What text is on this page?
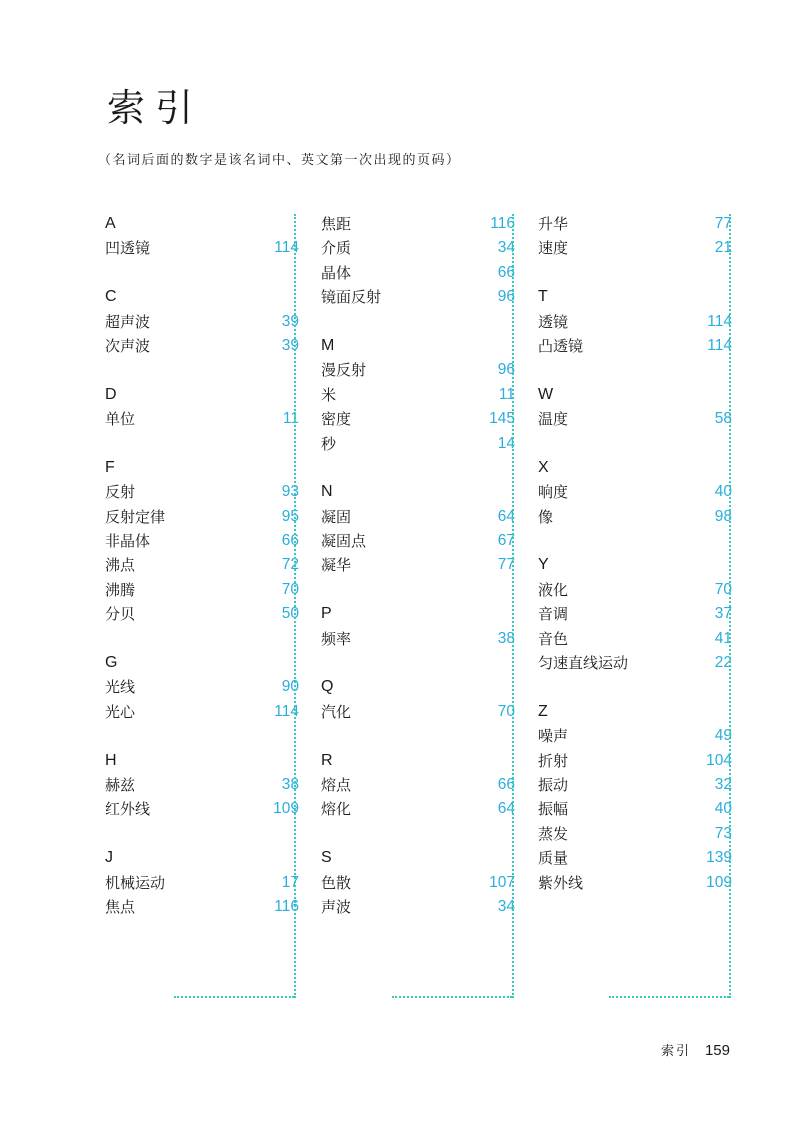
索引
（名词后面的数字是该名词中、英文第一次出现的页码）
A
凹透镜	114
C
超声波	39
次声波	39
D
单位	11
F
反射	93
反射定律	95
非晶体	66
沸点	72
沸腾	70
分贝	50
G
光线	90
光心	114
H
赫兹	38
红外线	109
J
机械运动	17
焦点	116
焦距	116
介质	34
晶体	66
镜面反射	96
M
漫反射	96
米	11
密度	145
秒	14
N
凝固	64
凝固点	67
凝华	77
P
频率	38
Q
汽化	70
R
熔点	66
熔化	64
S
色散	107
声波	34
升华	77
速度	21
T
透镜	114
凸透镜	114
W
温度	58
X
响度	40
像	98
Y
液化	70
音调	37
音色	41
匀速直线运动	22
Z
噪声	49
折射	104
振动	32
振幅	40
蒸发	73
质量	139
紫外线	109
索引 159
